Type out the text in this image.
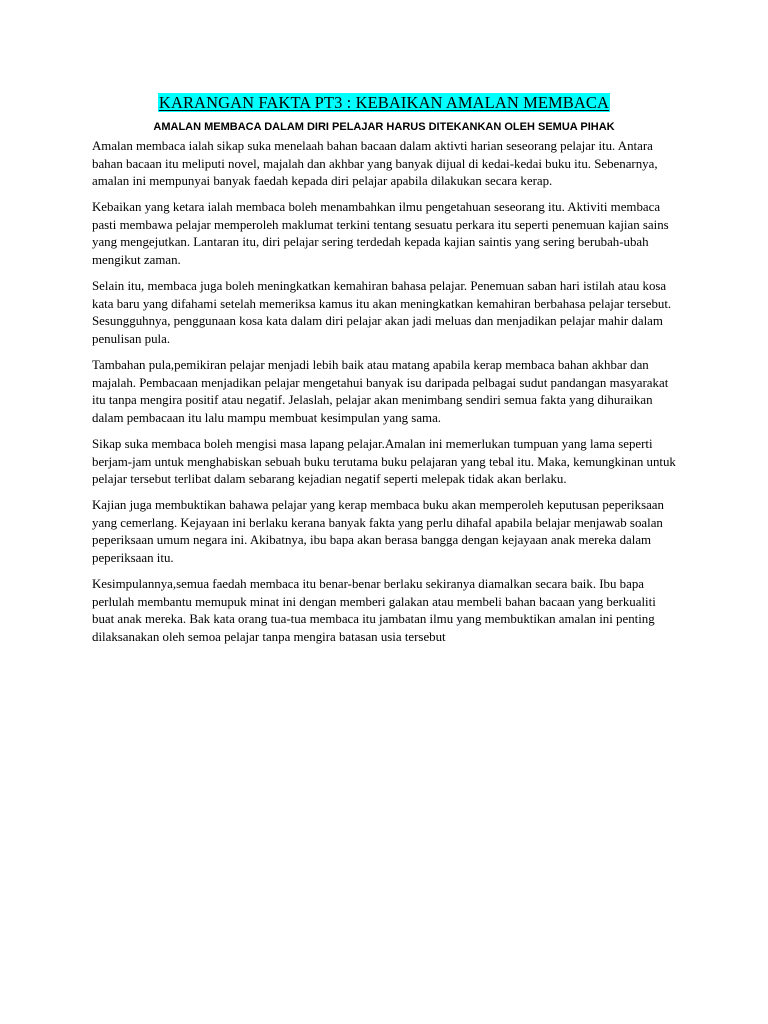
KARANGAN FAKTA PT3 : KEBAIKAN AMALAN MEMBACA
AMALAN MEMBACA DALAM DIRI PELAJAR HARUS DITEKANKAN OLEH SEMUA PIHAK

Amalan membaca ialah sikap suka menelaah bahan bacaan dalam aktivti harian seseorang pelajar itu. Antara bahan bacaan itu meliputi novel, majalah dan akhbar yang banyak dijual di kedai-kedai buku itu. Sebenarnya, amalan ini mempunyai banyak faedah kepada diri pelajar apabila dilakukan secara kerap.

Kebaikan yang ketara ialah membaca boleh menambahkan ilmu pengetahuan seseorang itu. Aktiviti membaca pasti membawa pelajar memperoleh maklumat terkini tentang sesuatu perkara itu seperti penemuan kajian sains yang mengejutkan. Lantaran itu, diri pelajar sering terdedah kepada kajian saintis yang sering berubah-ubah mengikut zaman.

Selain itu, membaca juga boleh meningkatkan kemahiran bahasa pelajar. Penemuan saban hari istilah atau kosa kata baru yang difahami setelah memeriksa kamus itu akan meningkatkan kemahiran berbahasa pelajar tersebut. Sesungguhnya, penggunaan kosa kata dalam diri pelajar akan jadi meluas dan menjadikan pelajar mahir dalam penulisan pula.

Tambahan pula,pemikiran pelajar menjadi lebih baik atau matang apabila kerap membaca bahan akhbar dan majalah. Pembacaan menjadikan pelajar mengetahui banyak isu daripada pelbagai sudut pandangan masyarakat itu tanpa mengira positif atau negatif. Jelaslah, pelajar akan menimbang sendiri semua fakta yang dihuraikan dalam pembacaan itu lalu mampu membuat kesimpulan yang sama.

Sikap suka membaca boleh mengisi masa lapang pelajar.Amalan ini memerlukan tumpuan yang lama seperti berjam-jam untuk menghabiskan sebuah buku terutama buku pelajaran yang tebal itu. Maka, kemungkinan untuk pelajar tersebut terlibat dalam sebarang kejadian negatif seperti melepak tidak akan berlaku.

Kajian juga membuktikan bahawa pelajar yang kerap membaca buku akan memperoleh keputusan peperiksaan yang cemerlang. Kejayaan ini berlaku kerana banyak fakta yang perlu dihafal apabila belajar menjawab soalan peperiksaan umum negara ini. Akibatnya, ibu bapa akan berasa bangga dengan kejayaan anak mereka dalam peperiksaan itu.

Kesimpulannya,semua faedah membaca itu benar-benar berlaku sekiranya diamalkan secara baik. Ibu bapa perlulah membantu memupuk minat ini dengan memberi galakan atau membeli bahan bacaan yang berkualiti buat anak mereka. Bak kata orang tua-tua membaca itu jambatan ilmu yang membuktikan amalan ini penting dilaksanakan oleh semoa pelajar tanpa mengira batasan usia tersebut
